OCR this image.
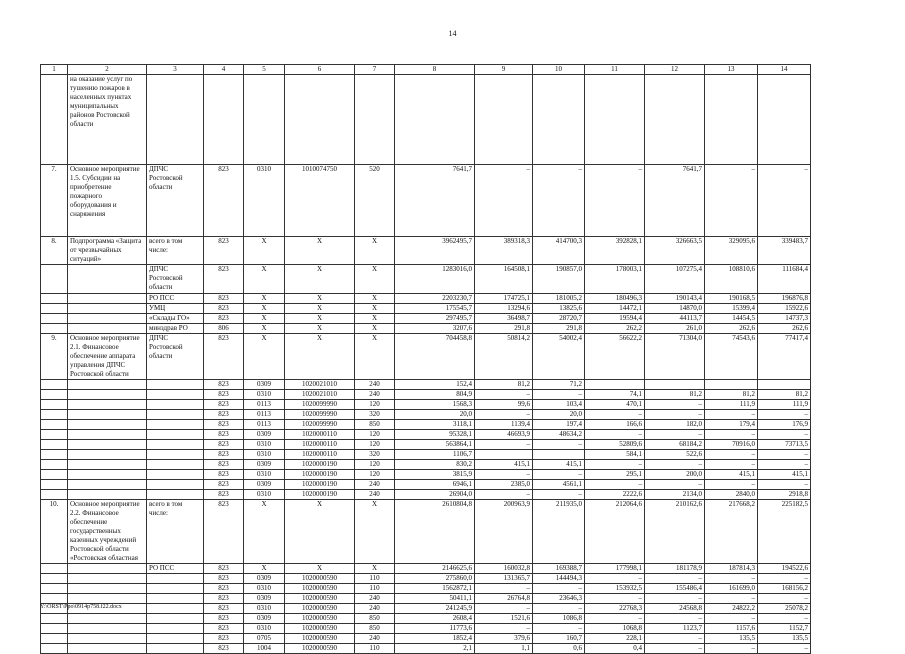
14
1	2	3	4	5	6	7	8	9	10	11	12	13	14
	на оказание услуг по тушению пожаров в населенных пунктах муниципальных районов Ростовской области												
7.	Основное мероприятие 1.5. Субсидии на приобретение пожарного оборудования и снаряжения	ДПЧС Ростовской области	823	0310	1010074750	520	7641,7	–	–	–	7641,7	–	–
8.	Подпрограмма «Защита от чрезвычайных ситуаций»	всего в том числе:	823	Х	Х	Х	3962495,7	389318,3	414700,3	392828,1	326663,5	329095,6	339483,7
		ДПЧС Ростовской области	823	Х	Х	Х	1283016,0	164508,1	190857,0	178003,1	107275,4	108810,6	111684,4
		РО ПСС	823	Х	Х	Х	2203230,7	174725,1	181005,2	180496,3	190143,4	190168,5	196876,8
		УМЦ	823	Х	Х	Х	175545,7	13294,6	13825,6	14472,1	14870,0	15399,4	15922,6
		«Склады ГО»	823	Х	Х	Х	297495,7	36498,7	28720,7	19594,4	44113,7	14454,5	14737,3
		минздрав РО	806	Х	Х	Х	3207,6	291,8	291,8	262,2	261,0	262,6	262,6
9.	Основное мероприятие 2.1. Финансовое обеспечение аппарата управления ДПЧС Ростовской области	ДПЧС Ростовской области	823	Х	Х	Х	704458,8	50814,2	54002,4	56622,2	71304,0	74543,6	77417,4
			823	0309	1020021010	240	152,4	81,2	71,2				
			823	0310	1020021010	240	804,9	–	–	74,1	81,2	81,2	81,2
			823	0113	1020099990	120	1568,3	99,6	103,4	470,1	–	111,9	111,9
			823	0113	1020099990	320	20,0	–	20,0	–	–	–	–
			823	0113	1020099990	850	3118,1	1139,4	197,4	166,6	182,0	179,4	176,9
			823	0309	1020000110	120	95328,1	46693,9	48634,2	–	–	–	–
			823	0310	1020000110	120	563864,1	–	–	52809,6	68184,2	70916,0	73713,5
			823	0310	1020000110	320	1106,7			584,1	522,6	–	–
			823	0309	1020000190	120	830,2	415,1	415,1	–	–	–	–
			823	0310	1020000190	120	3815,9	–	–	295,1	200,0	415,1	415,1
			823	0309	1020000190	240	6946,1	2385,0	4561,1	–	–	–	–
			823	0310	1020000190	240	26904,0	–	–	2222,6	2134,0	2840,0	2918,8
10.	Основное мероприятие 2.2. Финансовое обеспечение государственных казенных учреждений Ростовской области «Ростовская областная	всего в том числе:	823	Х	Х	Х	2610804,8	200963,9	211935,0	212064,6	210162,6	217668,2	225182,5
		РО ПСС	823	Х	Х	Х	2146625,6	160032,8	169388,7	177998,1	181178,9	187814,3	194522,6
			823	0309	1020000590	110	275860,0	131365,7	144494,3	–	–	–	–
			823	0310	1020000590	110	1562872,1	–	–	153932,5	155486,4	161699,0	168156,2
			823	0309	1020000590	240	50411,1	26764,8	23646,3	–	–	–	–
			823	0310	1020000590	240	241245,9	–	–	22768,3	24568,8	24822,2	25078,2
			823	0309	1020000590	850	2608,4	1521,6	1086,8	–	–	–	–
			823	0310	1020000590	850	11773,6	–	–	1068,8	1123,7	1157,6	1152,7
			823	0705	1020000590	240	1852,4	379,6	160,7	228,1	–	135,5	135,5
			823	1004	1020000590	110	2,1	1,1	0,6	0,4	–	–	–
Y:\ORST\Ppo\0914p758.f22.docx
